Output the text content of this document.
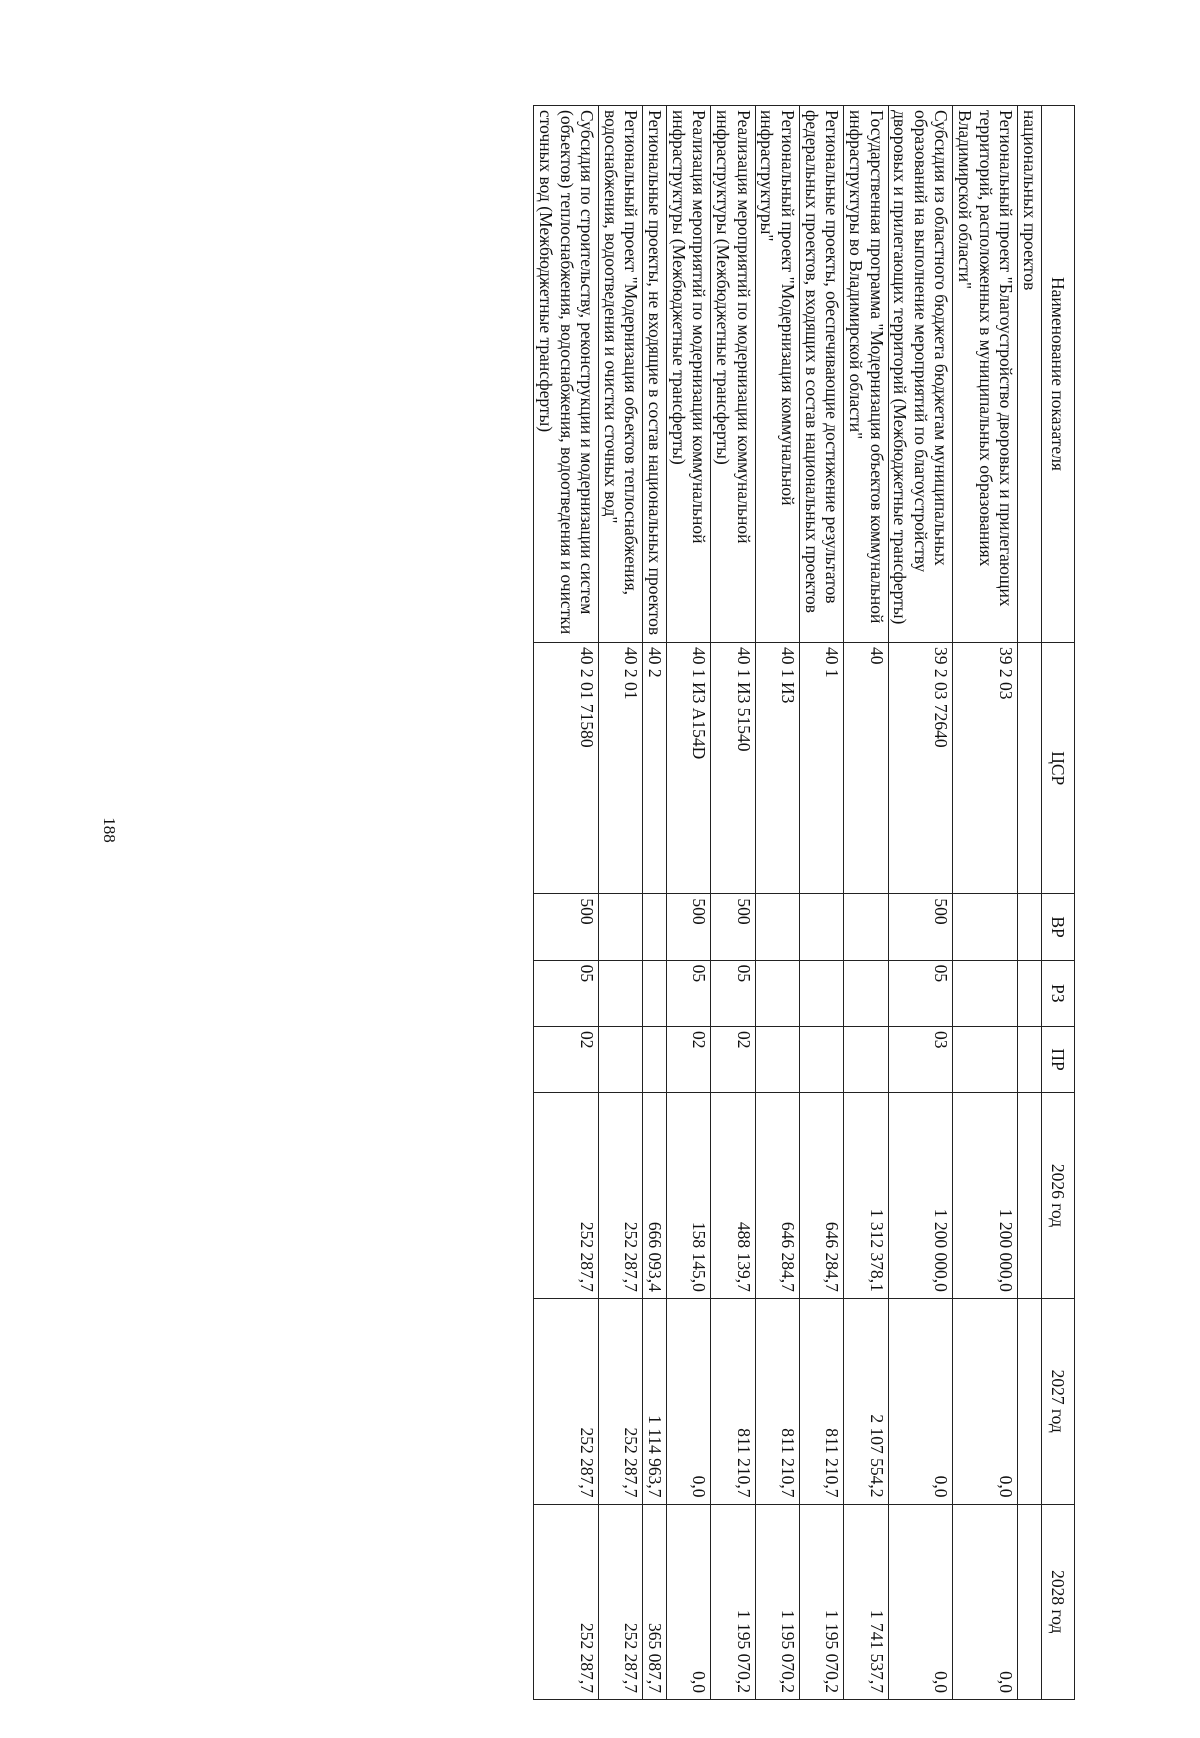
188
Наименование показателя	ЦСР	ВР	РЗ	ПР	2026 год	2027 год	2028 год
национальных проектов							
Региональный проект "Благоустройство дворовых и прилегающих территорий, расположенных в муниципальных образованиях Владимирской области"	39 2 03				1 200 000,0	0,0	0,0
Субсидия из областного бюджета бюджетам муниципальных образований на выполнение мероприятий по благоустройству дворовых и прилегающих территорий (Межбюджетные трансферты)	39 2 03 72640	500	05	03	1 200 000,0	0,0	0,0
Государственная программа "Модернизация объектов коммунальной инфраструктуры во Владимирской области"	40				1 312 378,1	2 107 554,2	1 741 537,7
Региональные проекты, обеспечивающие достижение результатов федеральных проектов, входящих в состав национальных проектов	40 1				646 284,7	811 210,7	1 195 070,2
Региональный проект "Модернизация коммунальной инфраструктуры"	40 1 И3				646 284,7	811 210,7	1 195 070,2
Реализация мероприятий по модернизации коммунальной инфраструктуры (Межбюджетные трансферты)	40 1 И3 51540	500	05	02	488 139,7	811 210,7	1 195 070,2
Реализация мероприятий по модернизации коммунальной инфраструктуры (Межбюджетные трансферты)	40 1 И3 А154D	500	05	02	158 145,0	0,0	0,0
Региональные проекты, не входящие в состав национальных проектов	40 2				666 093,4	1 114 963,7	365 087,7
Региональный проект "Модернизация объектов теплоснабжения, водоснабжения, водоотведения и очистки сточных вод"	40 2 01				252 287,7	252 287,7	252 287,7
Субсидия по строительству, реконструкции и модернизации систем (объектов) теплоснабжения, водоснабжения, водоотведения и очистки сточных вод (Межбюджетные трансферты)	40 2 01 71580	500	05	02	252 287,7	252 287,7	252 287,7
